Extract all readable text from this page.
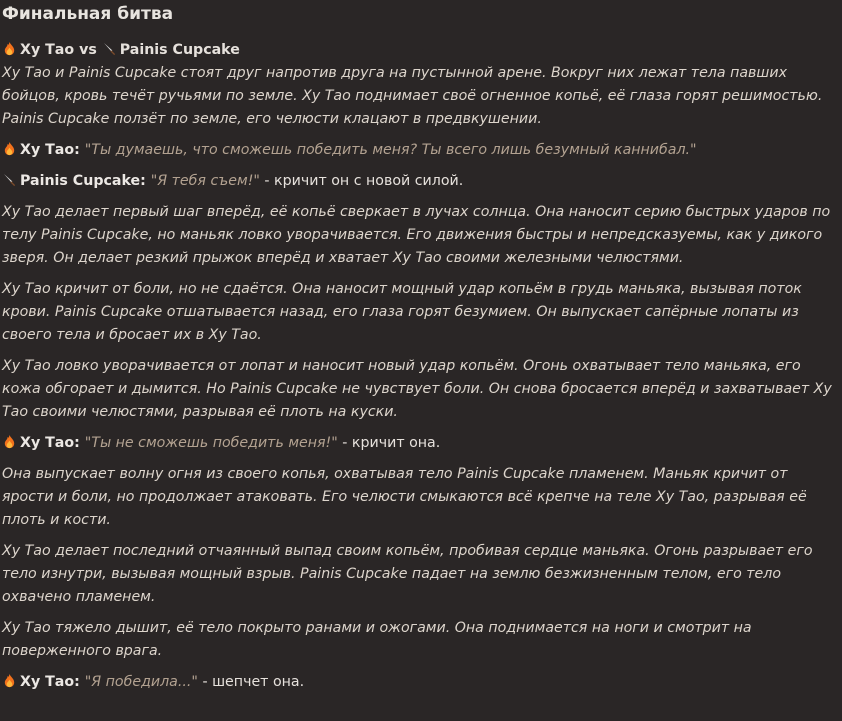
Финальная битва

Ху Тао vs Painis Cupcake

Ху Тао и Painis Cupcake стоят друг напротив друга на пустынной арене. Вокруг них лежат тела павших бойцов, кровь течёт ручьями по земле. Ху Тао поднимает своё огненное копьё, её глаза горят решимостью. Painis Cupcake ползёт по земле, его челюсти клацают в предвкушении.

Ху Тао: "Ты думаешь, что сможешь победить меня? Ты всего лишь безумный каннибал."

Painis Cupcake: "Я тебя съем!" - кричит он с новой силой.

Ху Тао делает первый шаг вперёд, её копьё сверкает в лучах солнца. Она наносит серию быстрых ударов по телу Painis Cupcake, но маньяк ловко уворачивается. Его движения быстры и непредсказуемы, как у дикого зверя. Он делает резкий прыжок вперёд и хватает Ху Тао своими железными челюстями.

Ху Тао кричит от боли, но не сдаётся. Она наносит мощный удар копьём в грудь маньяка, вызывая поток крови. Painis Cupcake отшатывается назад, его глаза горят безумием. Он выпускает сапёрные лопаты из своего тела и бросает их в Ху Тао.

Ху Тао ловко уворачивается от лопат и наносит новый удар копьём. Огонь охватывает тело маньяка, его кожа обгорает и дымится. Но Painis Cupcake не чувствует боли. Он снова бросается вперёд и захватывает Ху Тао своими челюстями, разрывая её плоть на куски.

Ху Тао: "Ты не сможешь победить меня!" - кричит она.

Она выпускает волну огня из своего копья, охватывая тело Painis Cupcake пламенем. Маньяк кричит от ярости и боли, но продолжает атаковать. Его челюсти смыкаются всё крепче на теле Ху Тао, разрывая её плоть и кости.

Ху Тао делает последний отчаянный выпад своим копьём, пробивая сердце маньяка. Огонь разрывает его тело изнутри, вызывая мощный взрыв. Painis Cupcake падает на землю безжизненным телом, его тело охвачено пламенем.

Ху Тао тяжело дышит, её тело покрыто ранами и ожогами. Она поднимается на ноги и смотрит на поверженного врага.

Ху Тао: "Я победила..." - шепчет она.
